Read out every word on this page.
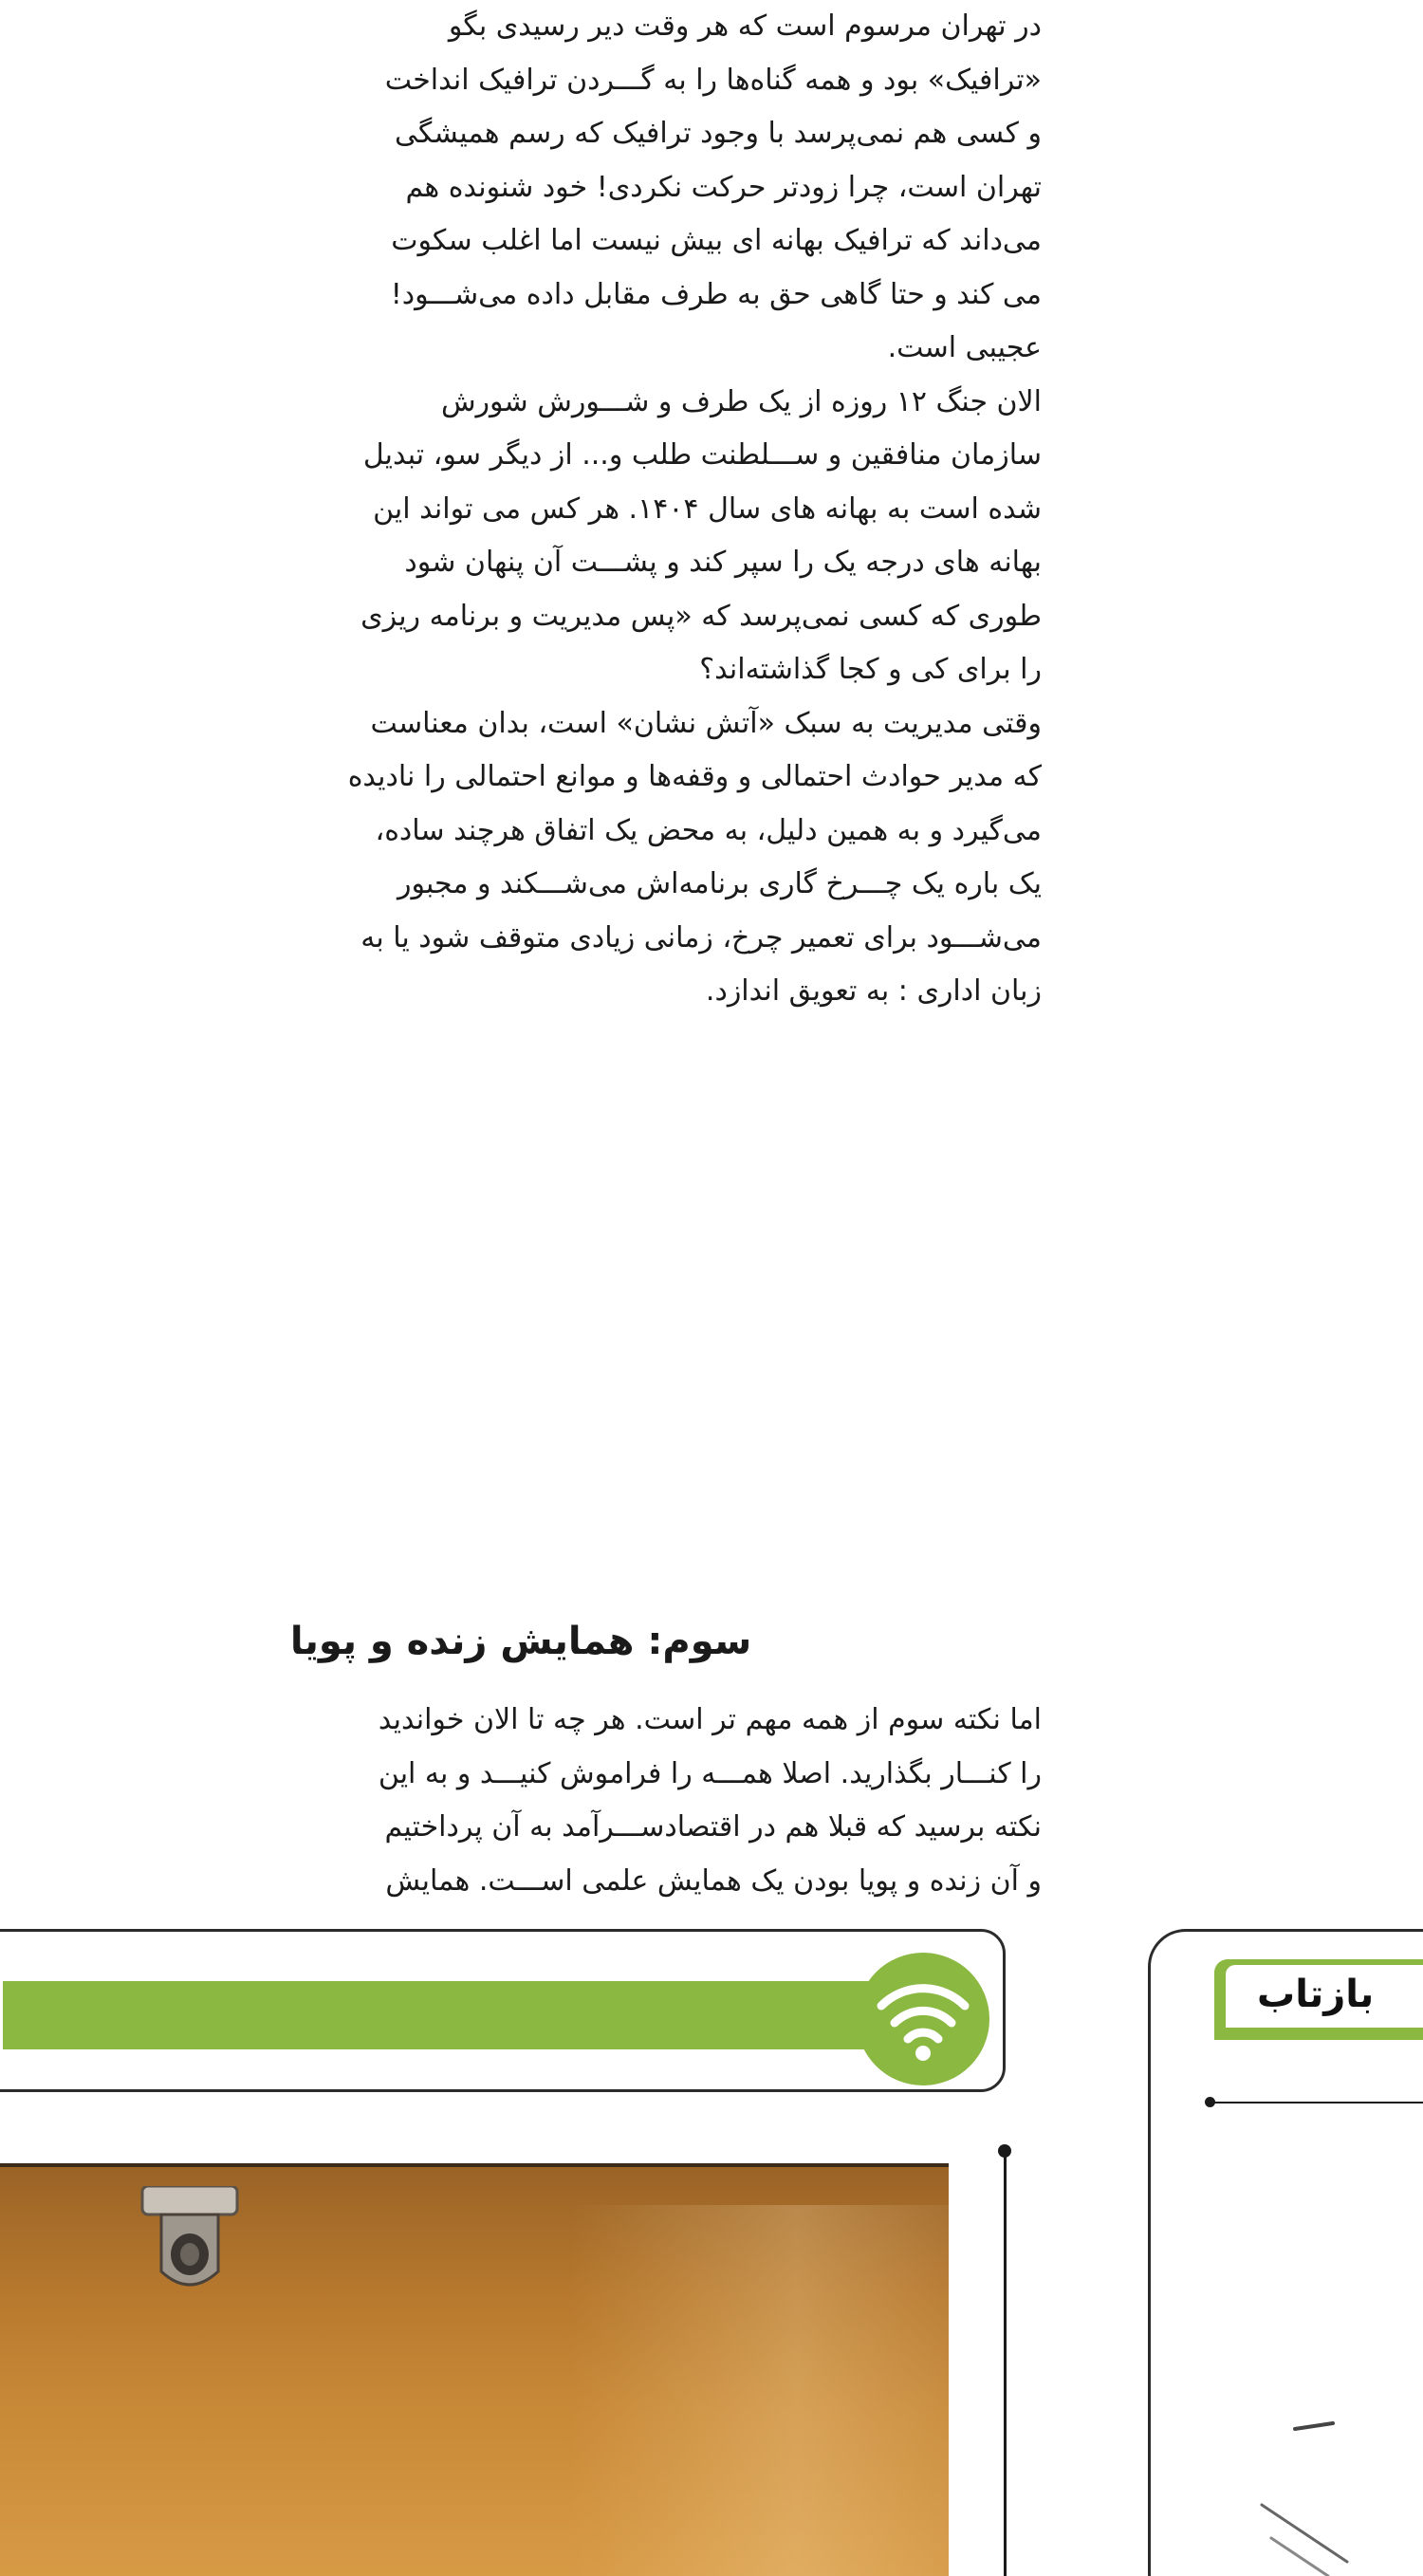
در تهران مرسوم است که هر وقت دیر رسیدی بگو
«ترافیک» بود و همه گناه‌ها را به گـــردن ترافیک انداخت
و کسی هم نمی‌پرسد با وجود ترافیک که رسم همیشگی
تهران است، چرا زودتر حرکت نکردی! خود شنونده هم
می‌داند که ترافیک بهانه ای بیش نیست اما اغلب سکوت
می کند و حتا گاهی حق به طرف مقابل داده می‌شـــود!
عجیبی است.
الان جنگ ۱۲ روزه از یک طرف و شـــورش شورش
سازمان منافقین و ســـلطنت طلب و... از دیگر سو، تبدیل
شده است به بهانه های سال ۱۴۰۴. هر کس می تواند این
بهانه های درجه یک را سپر کند و پشـــت آن پنهان شود
طوری که کسی نمی‌پرسد که «پس مدیریت و برنامه ریزی
را برای کی و کجا گذاشته‌اند؟
وقتی مدیریت به سبک «آتش نشان» است، بدان معناست
که مدیر حوادث احتمالی و وقفه‌ها و موانع احتمالی را نادیده
می‌گیرد و به همین دلیل، به محض یک اتفاق هرچند ساده،
یک باره یک چـــرخ گاری برنامه‌اش می‌شـــکند و مجبور
می‌شـــود برای تعمیر چرخ، زمانی زیادی متوقف شود یا به
زبان اداری : به تعویق اندازد.
سوم: همایش زنده و پویا
اما نکته سوم از همه مهم تر است. هر چه تا الان خواندید
را کنـــار بگذارید. اصلا همـــه را فراموش کنیـــد و به این
نکته برسید که قبلا هم در اقتصادســـرآمد به آن پرداختیم
و آن زنده و پویا بودن یک همایش علمی اســـت. همایش
بازتاب
